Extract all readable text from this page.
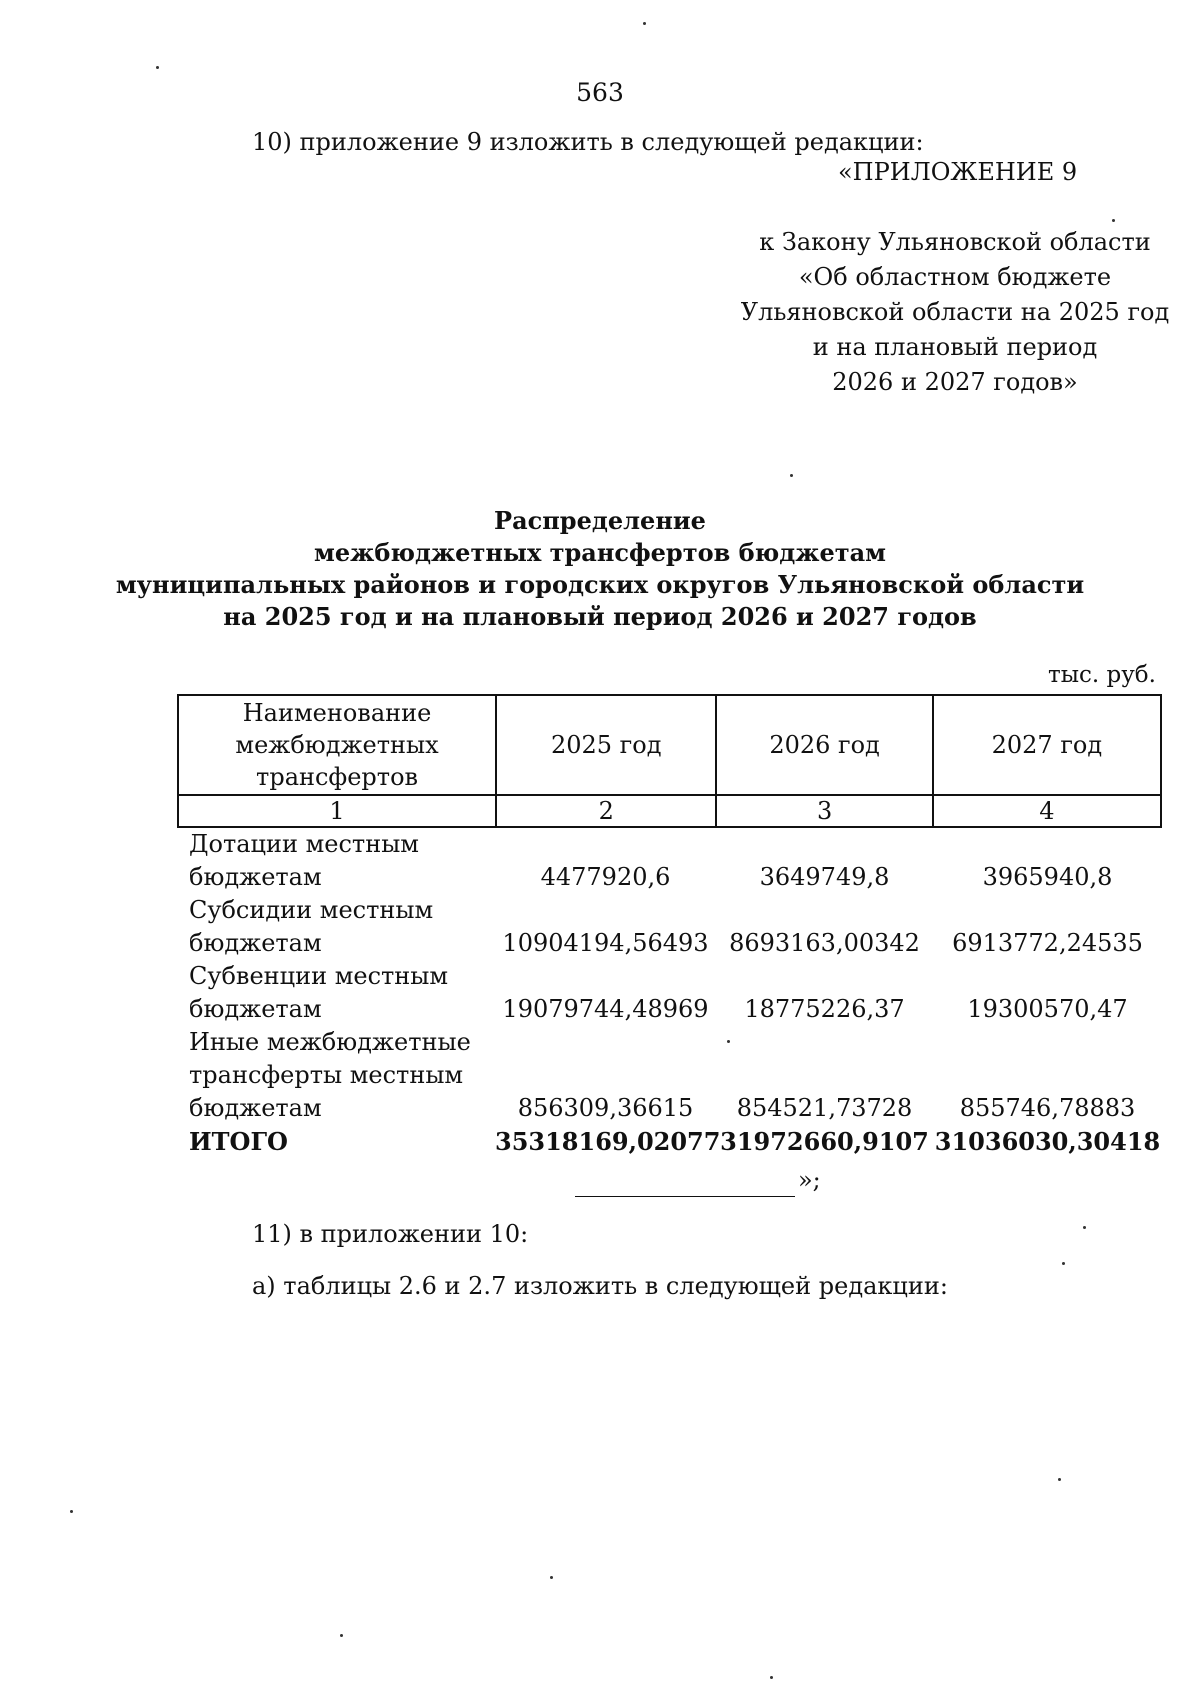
563
10) приложение 9 изложить в следующей редакции:
«ПРИЛОЖЕНИЕ 9
к Закону Ульяновской области
«Об областном бюджете
Ульяновской области на 2025 год
и на плановый период
2026 и 2027 годов»
Распределение
межбюджетных трансфертов бюджетам
муниципальных районов и городских округов Ульяновской области
на 2025 год и на плановый период 2026 и 2027 годов
тыс. руб.
Наименование
межбюджетных
трансфертов	2025 год	2026 год	2027 год
1	2	3	4
Дотации местным
бюджетам	4477920,6	3649749,8	3965940,8
Субсидии местным
бюджетам	10904194,56493 8693163,00342	6913772,24535
Субвенции местным
бюджетам	19079744,48969	18775226,37	19300570,47
Иные межбюджетные
трансферты местным
бюджетам	856309,36615	854521,73728	855746,78883
ИТОГО	35318169,02077 31972660,9107 31036030,30418
»;
11) в приложении 10:
а) таблицы 2.6 и 2.7 изложить в следующей редакции:
